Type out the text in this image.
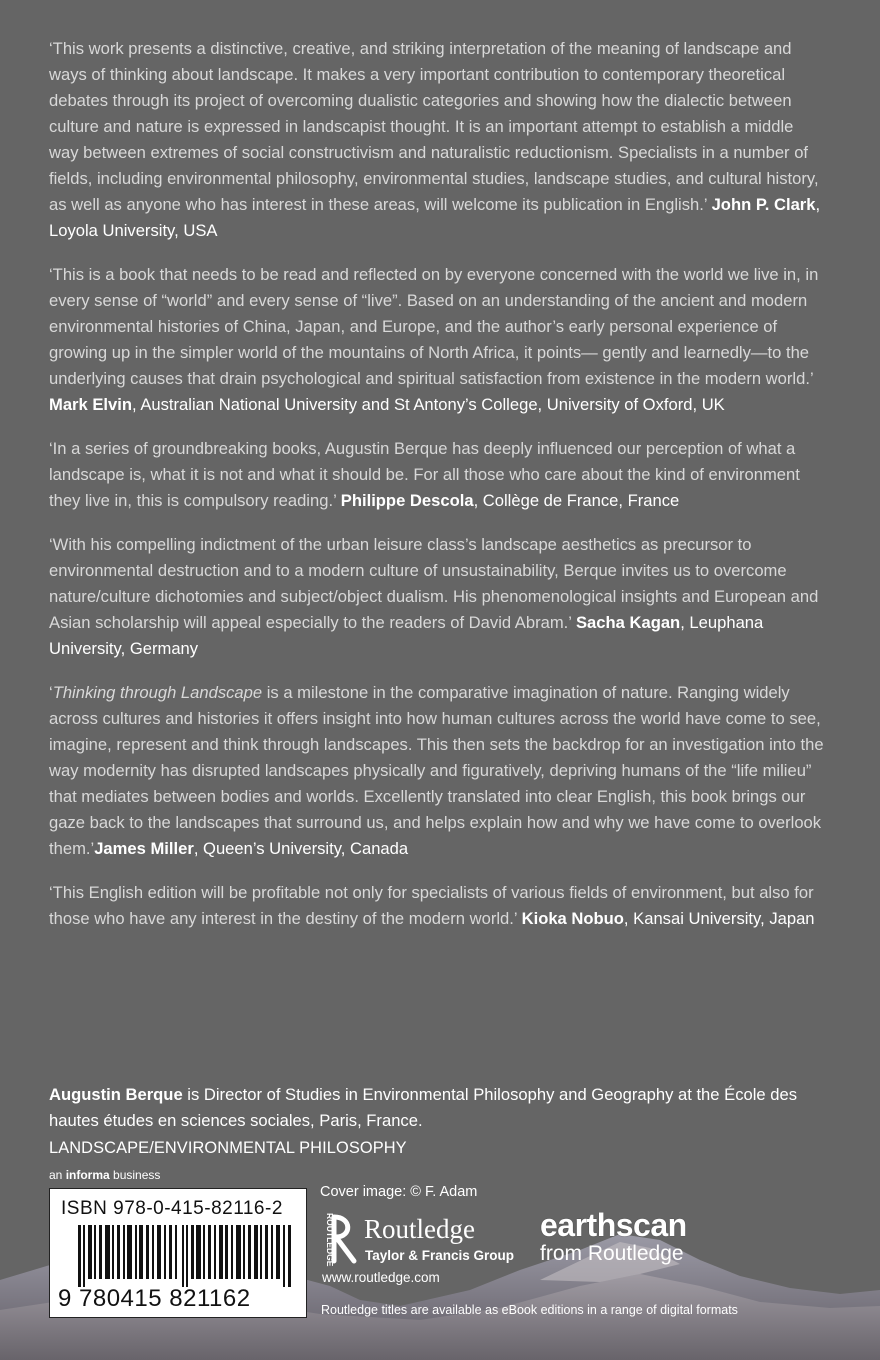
‘This work presents a distinctive, creative, and striking interpretation of the meaning of landscape and ways of thinking about landscape. It makes a very important contribution to contemporary theoretical debates through its project of overcoming dualistic categories and showing how the dialectic between culture and nature is expressed in landscapist thought. It is an important attempt to establish a middle way between extremes of social constructivism and naturalistic reductionism. Specialists in a number of fields, including environmental philosophy, environmental studies, landscape studies, and cultural history, as well as anyone who has interest in these areas, will welcome its publication in English.’ John P. Clark, Loyola University, USA

‘This is a book that needs to be read and reflected on by everyone concerned with the world we live in, in every sense of “world” and every sense of “live”. Based on an understanding of the ancient and modern environmental histories of China, Japan, and Europe, and the author’s early personal experience of growing up in the simpler world of the mountains of North Africa, it points— gently and learnedly—to the underlying causes that drain psychological and spiritual satisfaction from existence in the modern world.’ Mark Elvin, Australian National University and St Antony’s College, University of Oxford, UK

‘In a series of groundbreaking books, Augustin Berque has deeply influenced our perception of what a landscape is, what it is not and what it should be. For all those who care about the kind of environment they live in, this is compulsory reading.’ Philippe Descola, Collège de France, France

‘With his compelling indictment of the urban leisure class’s landscape aesthetics as precursor to environmental destruction and to a modern culture of unsustainability, Berque invites us to overcome nature/culture dichotomies and subject/object dualism. His phenomenological insights and European and Asian scholarship will appeal especially to the readers of David Abram.’ Sacha Kagan, Leuphana University, Germany

‘Thinking through Landscape is a milestone in the comparative imagination of nature. Ranging widely across cultures and histories it offers insight into how human cultures across the world have come to see, imagine, represent and think through landscapes. This then sets the backdrop for an investigation into the way modernity has disrupted landscapes physically and figuratively, depriving humans of the “life milieu” that mediates between bodies and worlds. Excellently translated into clear English, this book brings our gaze back to the landscapes that surround us, and helps explain how and why we have come to overlook them.’James Miller, Queen’s University, Canada

‘This English edition will be profitable not only for specialists of various fields of environment, but also for those who have any interest in the destiny of the modern world.’ Kioka Nobuo, Kansai University, Japan

Augustin Berque is Director of Studies in Environmental Philosophy and Geography at the École des hautes études en sciences sociales, Paris, France.

LANDSCAPE/ENVIRONMENTAL PHILOSOPHY
an informa business
ISBN 978-0-415-82116-2
9 780415 821162
Cover image: © F. Adam
ROUTLEDGE Routledge
Taylor & Francis Group
www.routledge.com
earthscan
from Routledge
Routledge titles are available as eBook editions in a range of digital formats
